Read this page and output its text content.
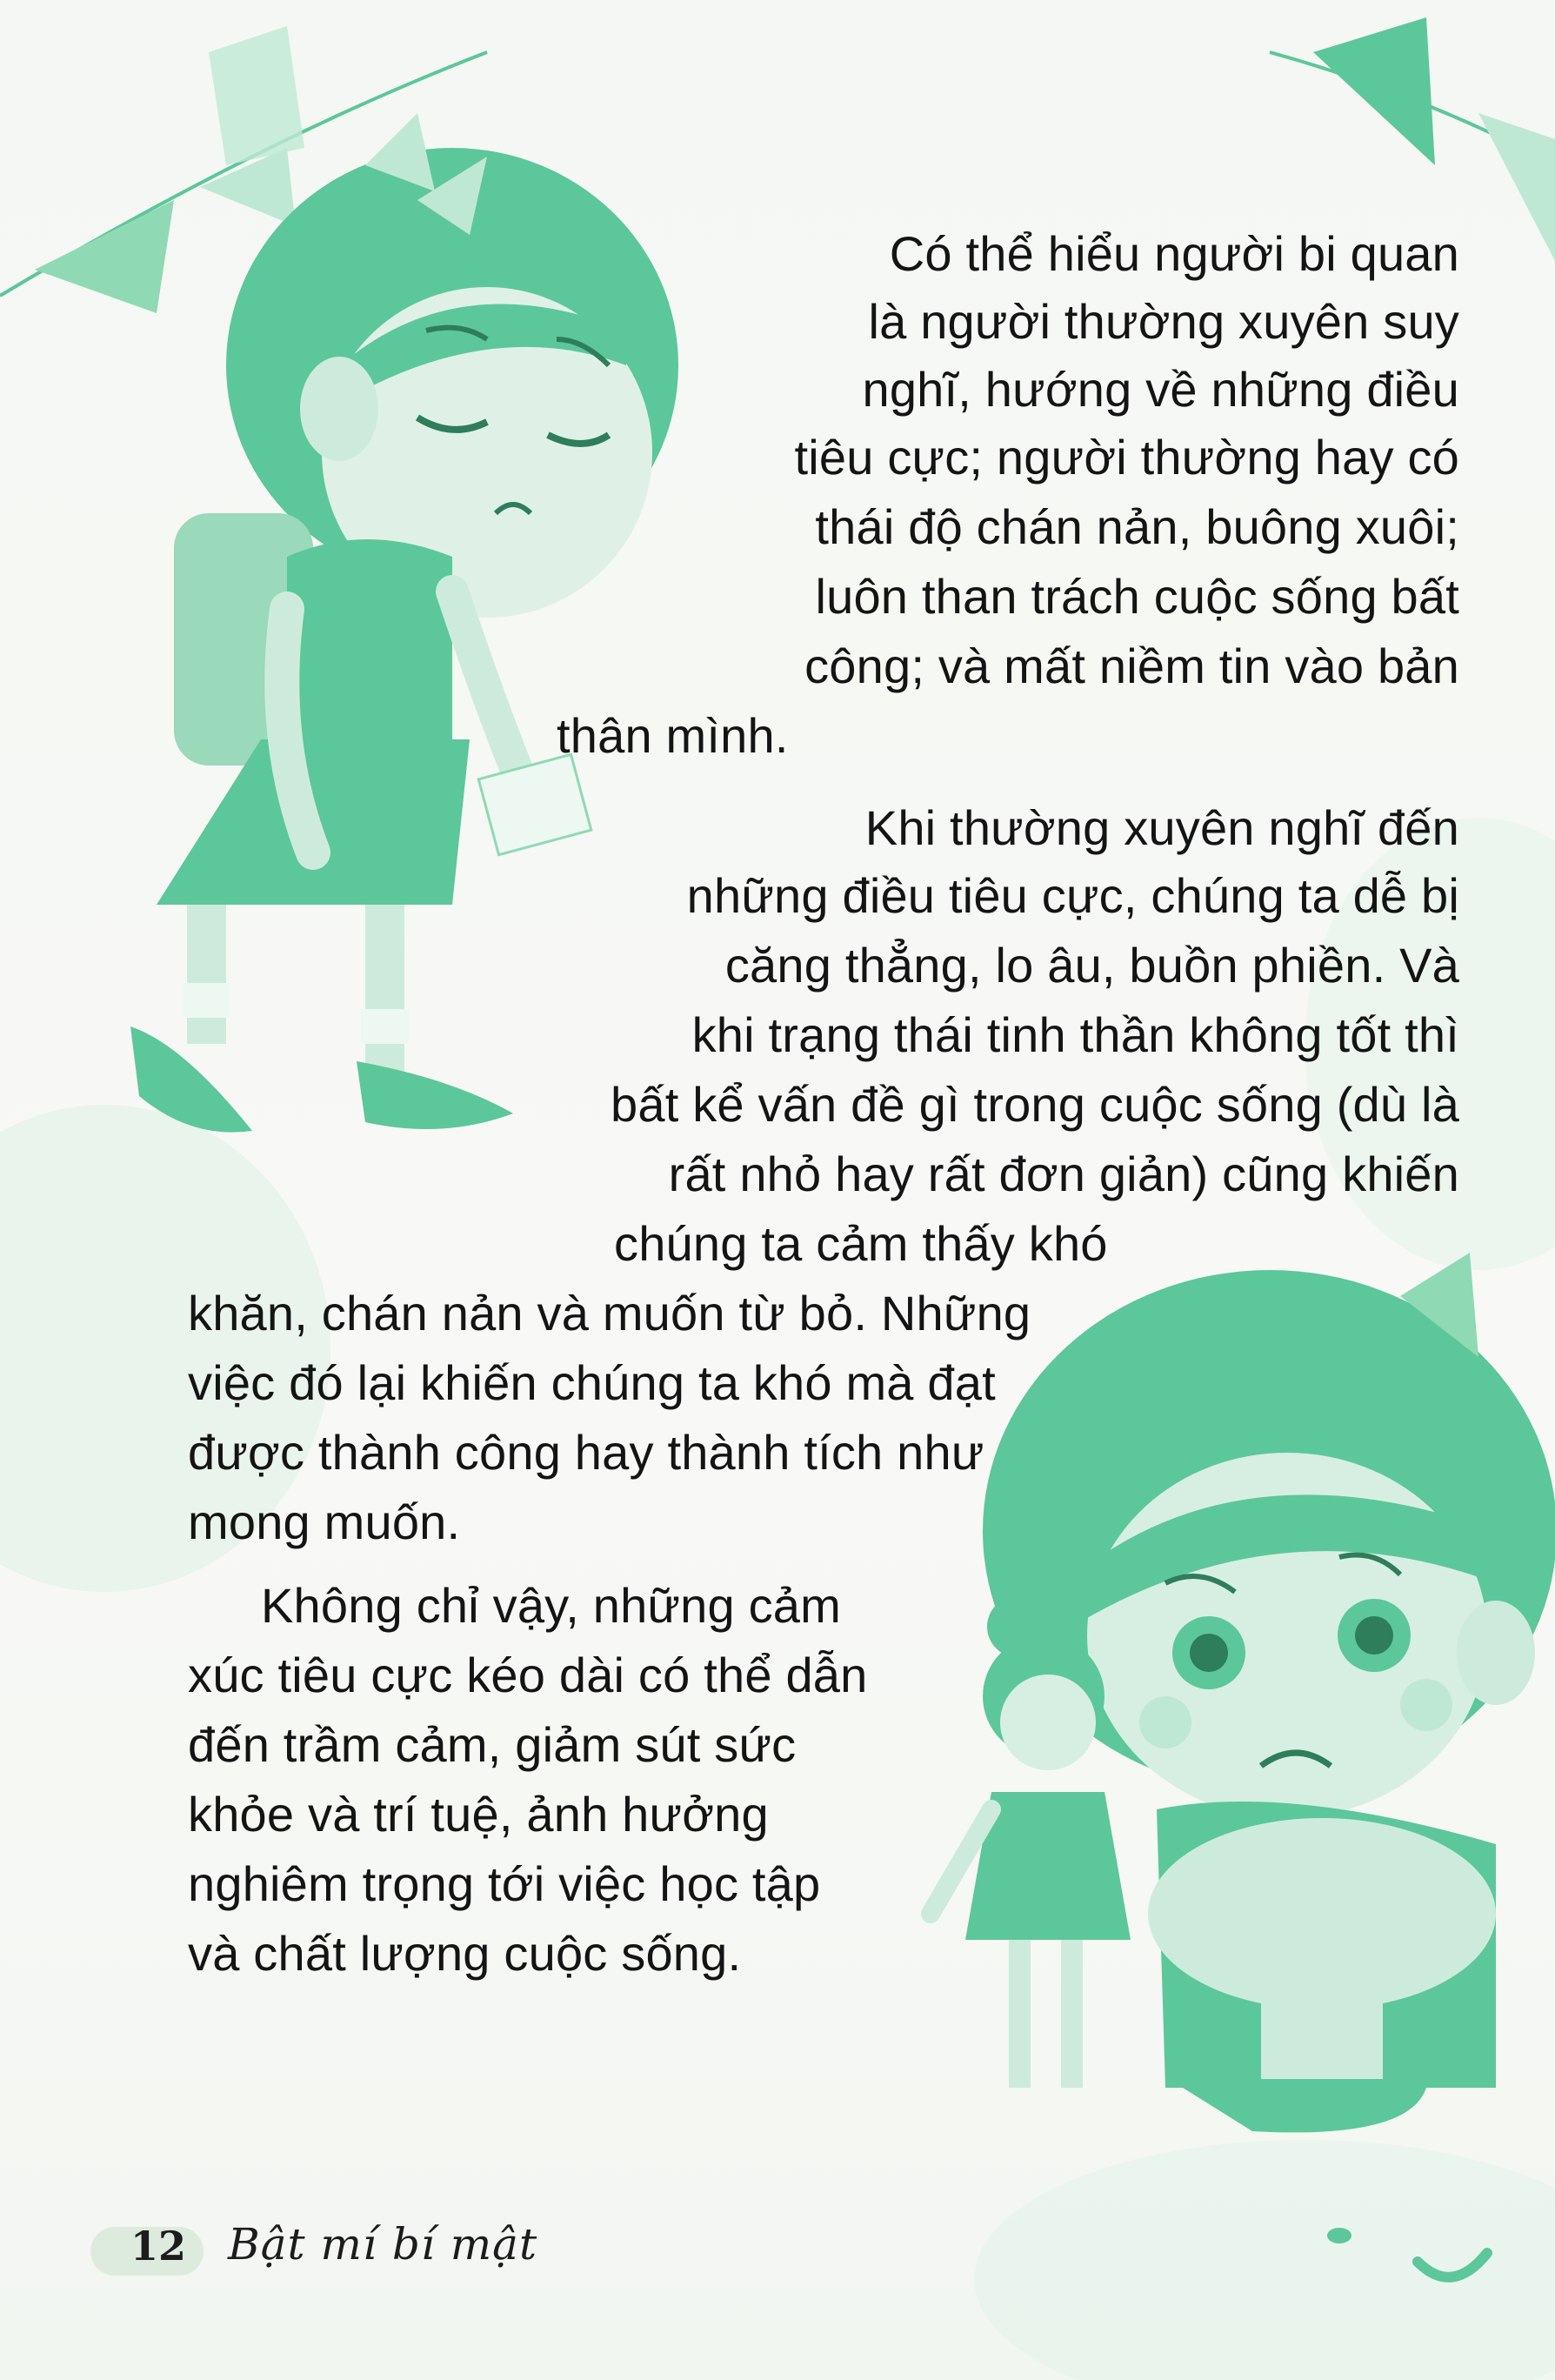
Có thể hiểu người bi quan
là người thường xuyên suy
nghĩ, hướng về những điều
tiêu cực; người thường hay có
thái độ chán nản, buông xuôi;
luôn than trách cuộc sống bất
công; và mất niềm tin vào bản
thân mình.
Khi thường xuyên nghĩ đến
những điều tiêu cực, chúng ta dễ bị
căng thẳng, lo âu, buồn phiền. Và
khi trạng thái tinh thần không tốt thì
bất kể vấn đề gì trong cuộc sống (dù là
rất nhỏ hay rất đơn giản) cũng khiến
chúng ta cảm thấy khó
khăn, chán nản và muốn từ bỏ. Những
việc đó lại khiến chúng ta khó mà đạt
được thành công hay thành tích như
mong muốn.
Không chỉ vậy, những cảm
xúc tiêu cực kéo dài có thể dẫn
đến trầm cảm, giảm sút sức
khỏe và trí tuệ, ảnh hưởng
nghiêm trọng tới việc học tập
và chất lượng cuộc sống.
12 Bật mí bí mật
